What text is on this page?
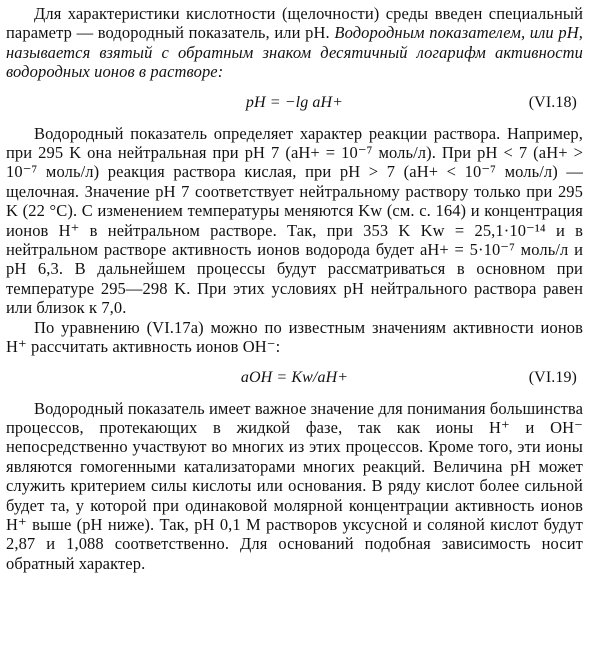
Для характеристики кислотности (щелочности) среды введен специальный параметр — водородный показатель, или pH. Водородным показателем, или pH, называется взятый с обратным знаком десятичный логарифм активности водородных ионов в растворе:

pH = −lg aH+	(VI.18)

Водородный показатель определяет характер реакции раствора. Например, при 295 K она нейтральная при pH 7 (aH+ = 10⁻⁷ моль/л). При pH < 7 (aH+ > 10⁻⁷ моль/л) реакция раствора кислая, при pH > 7 (aH+ < 10⁻⁷ моль/л) — щелочная. Значение pH 7 соответствует нейтральному раствору только при 295 K (22 °C). С изменением температуры меняются Kw (см. с. 164) и концентрация ионов H⁺ в нейтральном растворе. Так, при 353 K Kw = 25,1·10⁻¹⁴ и в нейтральном растворе активность ионов водорода будет aH+ = 5·10⁻⁷ моль/л и pH 6,3. В дальнейшем процессы будут рассматриваться в основном при температуре 295—298 K. При этих условиях pH нейтрального раствора равен или близок к 7,0.

По уравнению (VI.17a) можно по известным значениям активности ионов H⁺ рассчитать активность ионов OH⁻:

aOH = Kw/aH+	(VI.19)

Водородный показатель имеет важное значение для понимания большинства процессов, протекающих в жидкой фазе, так как ионы H⁺ и OH⁻ непосредственно участвуют во многих из этих процессов. Кроме того, эти ионы являются гомогенными катализаторами многих реакций. Величина pH может служить критерием силы кислоты или основания. В ряду кислот более сильной будет та, у которой при одинаковой молярной концентрации активность ионов H⁺ выше (pH ниже). Так, pH 0,1 M растворов уксусной и соляной кислот будут 2,87 и 1,088 соответственно. Для оснований подобная зависимость носит обратный характер.
